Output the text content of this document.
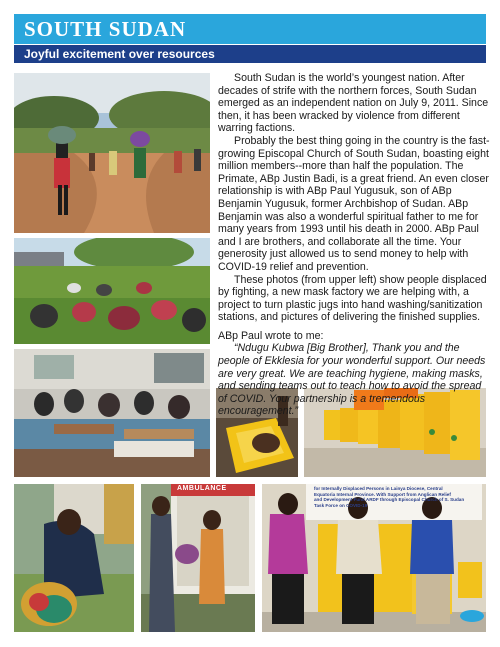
SOUTH SUDAN
Joyful excitement over resources
AMBULANCE	for Internally Displaced Persons in Lainya Diocese, Central
Equatoria Internal Province. With Support from Anglican Relief
and Development Fund ARDF through Episcopal Church of S. Sudan
Task Force on COVID-19

South Sudan is the world’s youngest nation. After decades of strife with the northern forces, South Sudan emerged as an independent nation on July 9, 2011. Since then, it has been wracked by violence from different warring factions.

Probably the best thing going in the country is the fast-growing Episcopal Church of South Sudan, boasting eight million members--more than half the population. The Primate, ABp Justin Badi, is a great friend. An even closer relationship is with ABp Paul Yugusuk, son of ABp Benjamin Yugusuk, former Archbishop of Sudan. ABp Benjamin was also a wonderful spiritual father to me for many years from 1993 until his death in 2000. ABp Paul and I are brothers, and collaborate all the time. Your generosity just allowed us to send money to help with COVID-19 relief and prevention.

These photos (from upper left) show people displaced by fighting, a new mask factory we are helping with, a project to turn plastic jugs into hand washing/sanitization stations, and pictures of delivering the finished supplies.

ABp Paul wrote to me:

“Ndugu Kubwa [Big Brother], Thank you and the people of Ekklesia for your wonderful support. Our needs are very great. We are teaching hygiene, making masks, and sending teams out to teach how to avoid the spread of COVID. Your partnership is a tremendous encouragement.”
